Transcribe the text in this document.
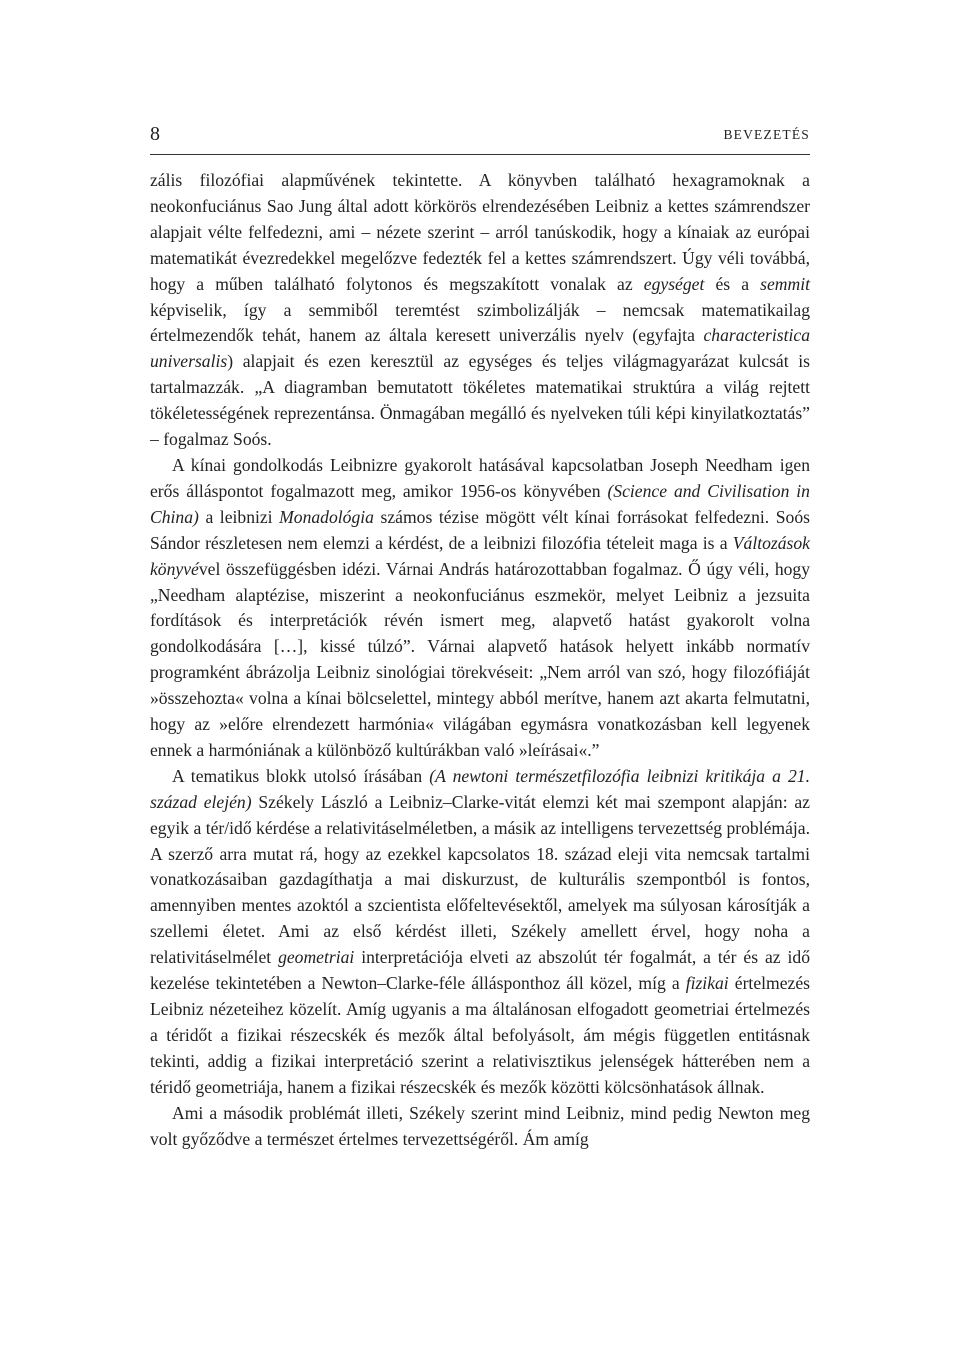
8	BEVEZETÉS

zális filozófiai alapművének tekintette. A könyvben található hexagramoknak a neokonfuciánus Sao Jung által adott körkörös elrendezésében Leibniz a kettes számrendszer alapjait vélte felfedezni, ami – nézete szerint – arról tanúskodik, hogy a kínaiak az európai matematikát évezredekkel megelőzve fedezték fel a kettes számrendszert. Úgy véli továbbá, hogy a műben található folytonos és megszakított vonalak az egységet és a semmit képviselik, így a semmiből teremtést szimbolizálják – nemcsak matematikailag értelmezendők tehát, hanem az általa keresett univerzális nyelv (egyfajta characteristica universalis) alapjait és ezen keresztül az egységes és teljes világmagyarázat kulcsát is tartalmazzák. „A diagramban bemutatott tökéletes matematikai struktúra a világ rejtett tökéletességének reprezentánsa. Önmagában megálló és nyelveken túli képi kinyilatkoztatás” – fogalmaz Soós.

A kínai gondolkodás Leibnizre gyakorolt hatásával kapcsolatban Joseph Needham igen erős álláspontot fogalmazott meg, amikor 1956-os könyvében (Science and Civilisation in China) a leibnizi Monadológia számos tézise mögött vélt kínai forrásokat felfedezni. Soós Sándor részletesen nem elemzi a kérdést, de a leibnizi filozófia tételeit maga is a Változások könyvével összefüggésben idézi. Várnai András határozottabban fogalmaz. Ő úgy véli, hogy „Needham alaptézise, miszerint a neokonfuciánus eszmekör, melyet Leibniz a jezsuita fordítások és interpretációk révén ismert meg, alapvető hatást gyakorolt volna gondolkodására […], kissé túlzó”. Várnai alapvető hatások helyett inkább normatív programként ábrázolja Leibniz sinológiai törekvéseit: „Nem arról van szó, hogy filozófiáját »összehozta« volna a kínai bölcselettel, mintegy abból merítve, hanem azt akarta felmutatni, hogy az »előre elrendezett harmónia« világában egymásra vonatkozásban kell legyenek ennek a harmóniának a különböző kultúrákban való »leírásai«.”

A tematikus blokk utolsó írásában (A newtoni természetfilozófia leibnizi kritikája a 21. század elején) Székely László a Leibniz–Clarke-vitát elemzi két mai szempont alapján: az egyik a tér/idő kérdése a relativitáselméletben, a másik az intelligens tervezettség problémája. A szerző arra mutat rá, hogy az ezekkel kapcsolatos 18. század eleji vita nemcsak tartalmi vonatkozásaiban gazdagíthatja a mai diskurzust, de kulturális szempontból is fontos, amennyiben mentes azoktól a szcientista előfeltevésektől, amelyek ma súlyosan károsítják a szellemi életet. Ami az első kérdést illeti, Székely amellett érvel, hogy noha a relativitáselmélet geometriai interpretációja elveti az abszolút tér fogalmát, a tér és az idő kezelése tekintetében a Newton–Clarke-féle állásponthoz áll közel, míg a fizikai értelmezés Leibniz nézeteihez közelít. Amíg ugyanis a ma általánosan elfogadott geometriai értelmezés a téridőt a fizikai részecskék és mezők által befolyásolt, ám mégis független entitásnak tekinti, addig a fizikai interpretáció szerint a relativisztikus jelenségek hátterében nem a téridő geometriája, hanem a fizikai részecskék és mezők közötti kölcsönhatások állnak.

Ami a második problémát illeti, Székely szerint mind Leibniz, mind pedig Newton meg volt győződve a természet értelmes tervezettségéről. Ám amíg
